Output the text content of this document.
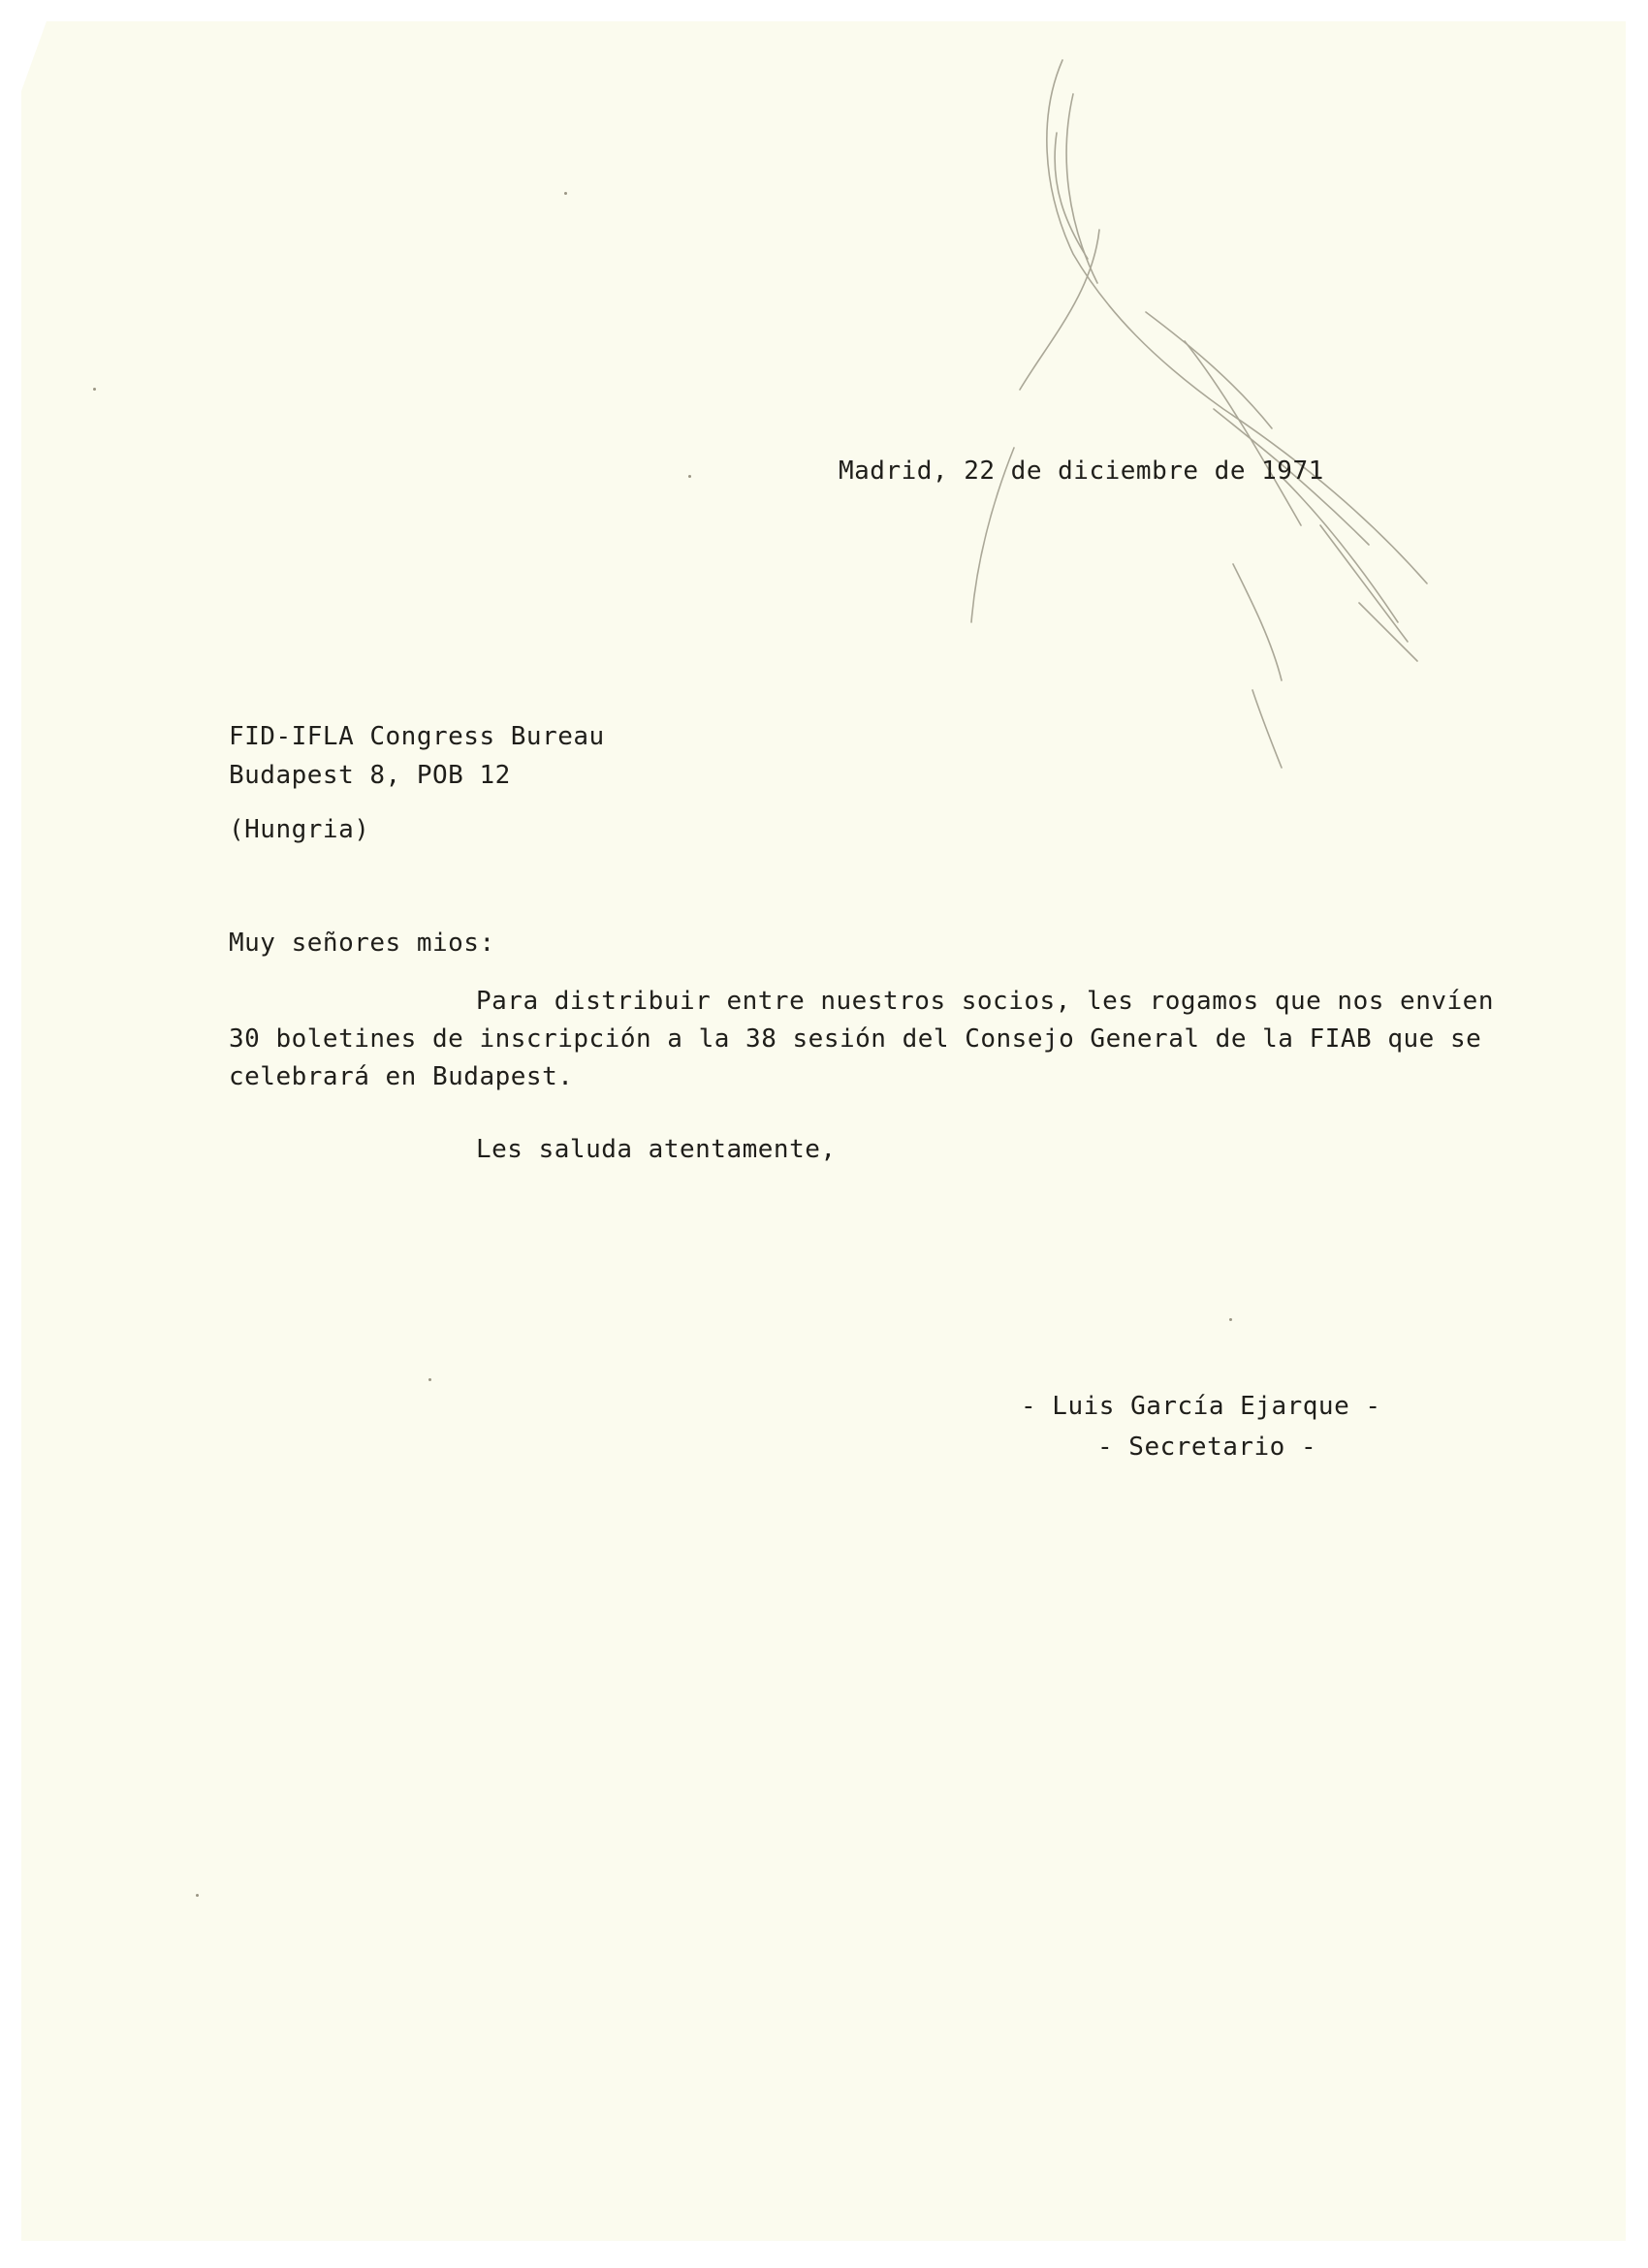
Madrid, 22 de diciembre de 1971
FID-IFLA Congress Bureau
Budapest 8, POB 12
(Hungria)
Muy señores mios:
Para distribuir entre nuestros socios, les rogamos que nos envíen
30 boletines de inscripción a la 38 sesión del Consejo General de la FIAB que se
celebrará en Budapest.
Les saluda atentamente,
- Luis García Ejarque -
- Secretario -
